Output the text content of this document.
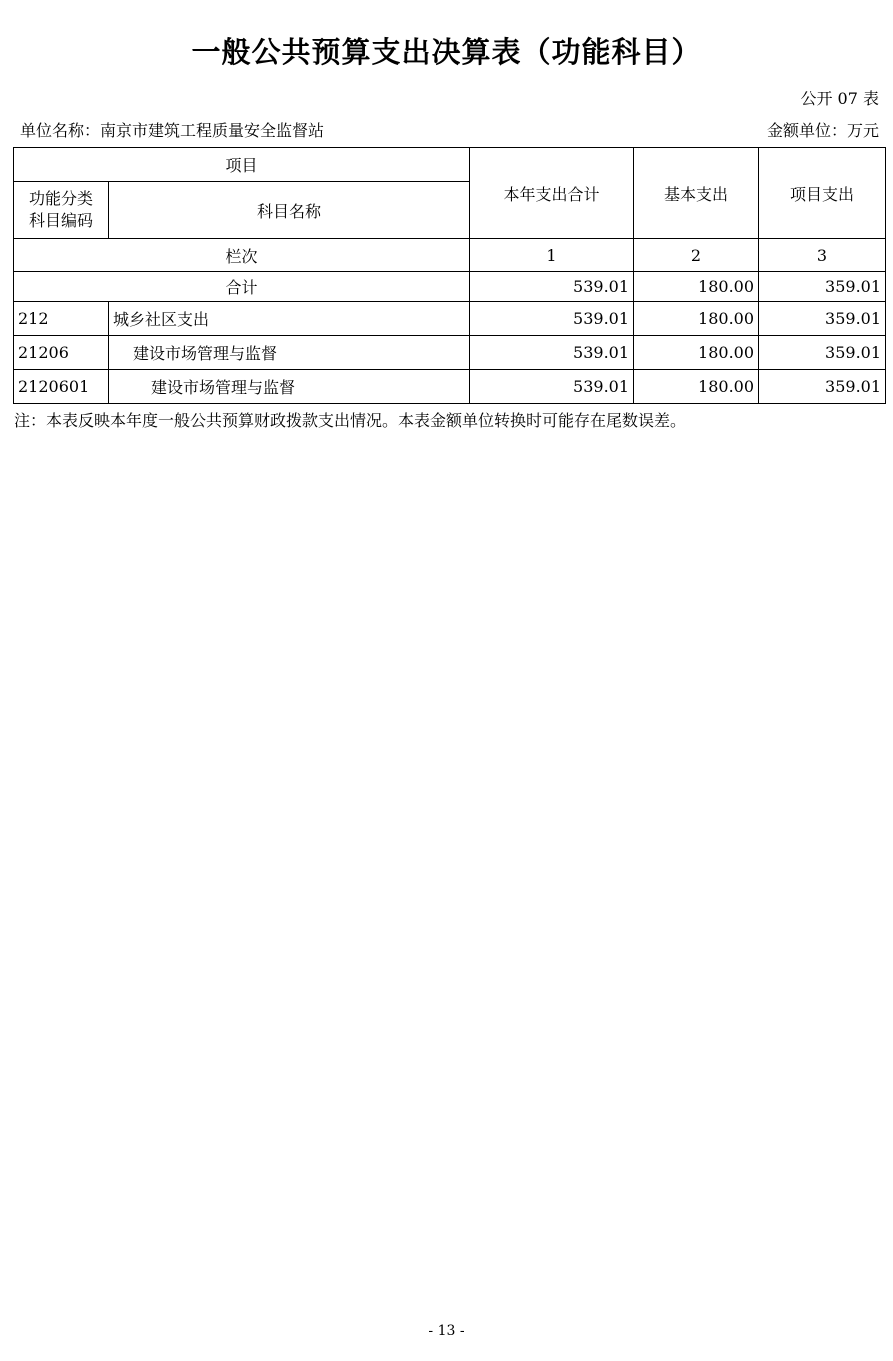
一般公共预算支出决算表（功能科目）
公开 07 表
单位名称：南京市建筑工程质量安全监督站	金额单位：万元
项目		本年支出合计	基本支出	项目支出
功能分类
科目编码	科目名称			
栏次		1	2	3
合计		539.01	180.00	359.01
212	城乡社区支出	539.01	180.00	359.01
21206	建设市场管理与监督	539.01	180.00	359.01
2120601	建设市场管理与监督	539.01	180.00	359.01
注：本表反映本年度一般公共预算财政拨款支出情况。本表金额单位转换时可能存在尾数误差。
- 13 -
